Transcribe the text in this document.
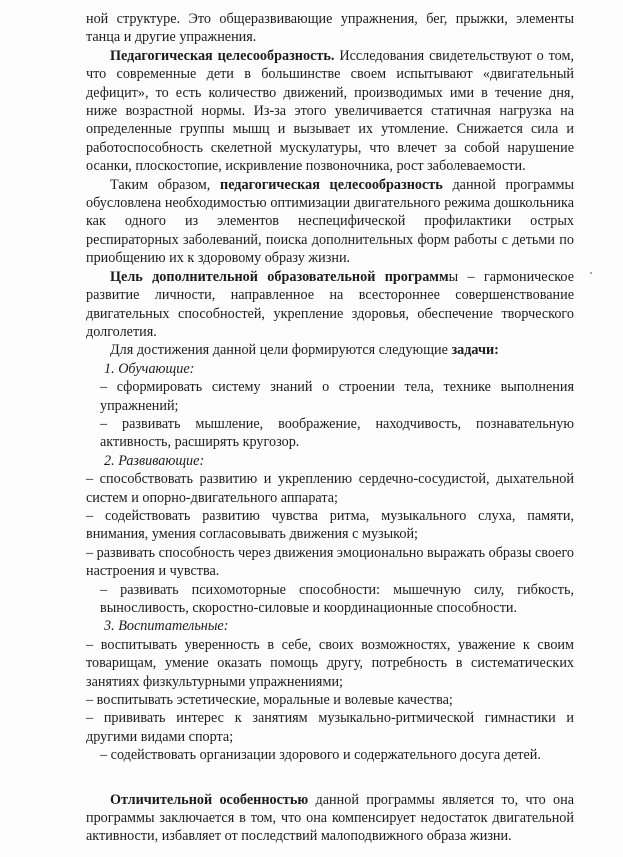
ной структуре. Это общеразвивающие упражнения, бег, прыжки, элементы танца и другие упражнения.

Педагогическая целесообразность. Исследования свидетельствуют о том, что современные дети в большинстве своем испытывают «двигательный дефицит», то есть количество движений, производимых ими в течение дня, ниже возрастной нормы. Из-за этого увеличивается статичная нагрузка на определенные группы мышц и вызывает их утомление. Снижается сила и работоспособность скелетной мускулатуры, что влечет за собой нарушение осанки, плоскостопие, искривление позвоночника, рост заболеваемости.

Таким образом, педагогическая целесообразность данной программы обусловлена необходимостью оптимизации двигательного режима дошкольника как одного из элементов неспецифической профилактики острых респираторных заболеваний, поиска дополнительных форм работы с детьми по приобщению их к здоровому образу жизни.

Цель дополнительной образовательной программы – гармоническое развитие личности, направленное на всестороннее совершенствование двигательных способностей, укрепление здоровья, обеспечение творческого долголетия.

Для достижения данной цели формируются следующие задачи:

1. Обучающие:

– сформировать систему знаний о строении тела, технике выполнения упражнений;

– развивать мышление, воображение, находчивость, познавательную активность, расширять кругозор.

2. Развивающие:

– способствовать развитию и укреплению сердечно-сосудистой, дыхательной систем и опорно-двигательного аппарата;

– содействовать развитию чувства ритма, музыкального слуха, памяти, внимания, умения согласовывать движения с музыкой;

– развивать способность через движения эмоционально выражать образы своего настроения и чувства.

– развивать психомоторные способности: мышечную силу, гибкость, выносливость, скоростно-силовые и координационные способности.

3. Воспитательные:

– воспитывать уверенность в себе, своих возможностях, уважение к своим товарищам, умение оказать помощь другу, потребность в систематических занятиях физкультурными упражнениями;

– воспитывать эстетические, моральные и волевые качества;

– прививать интерес к занятиям музыкально-ритмической гимнастики и другими видами спорта;

– содействовать организации здорового и содержательного досуга детей.

Отличительной особенностью данной программы является то, что она программы заключается в том, что она компенсирует недостаток двигательной активности, избавляет от последствий малоподвижного образа жизни.
